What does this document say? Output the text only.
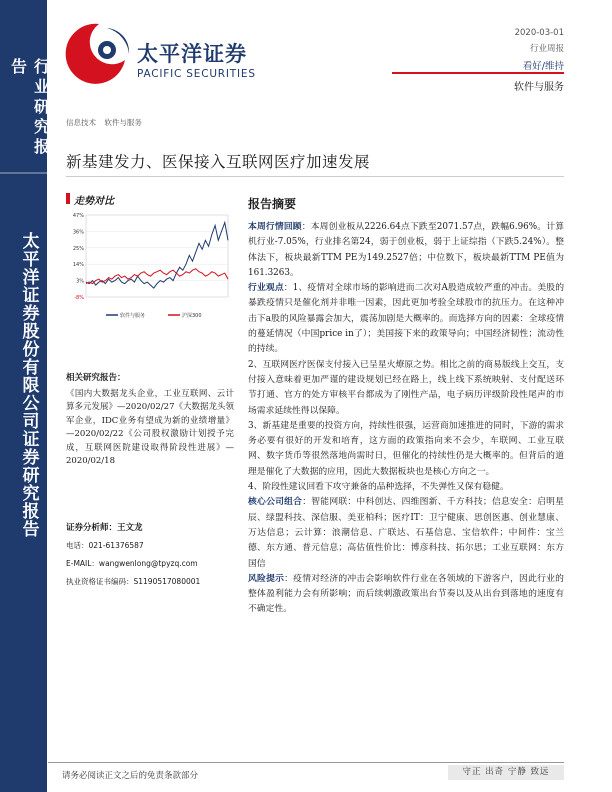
行业研究报告
太平洋证券股份有限公司证券研究报告
太平洋证券
PACIFIC SECURITIES
2020-03-01
行业周报
看好/维持
软件与服务
信息技术 软件与服务
新基建发力、医保接入互联网医疗加速发展
走势对比
47%
36%
25%
14%
3%
-8%
软件与服务	沪深300
相关研究报告：

《国内大数据龙头企业，工业互联网、云计算多元发展》—2020/02/27《大数据龙头领军企业，IDC业务有望成为新的业绩增量》—2020/02/22《公司股权激励计划授予完成，互联网医院建设取得阶段性进展》—2020/02/18

证券分析师：王文龙
电话：021-61376587
E-MAIL：wangwenlong@tpyzq.com
执业资格证书编码：S1190517080001
报告摘要

本周行情回顾：本周创业板从2226.64点下跌至2071.57点，跌幅6.96%。计算机行业-7.05%，行业排名第24，弱于创业板，弱于上证综指（下跌5.24%）。整体法下，板块最新TTM PE为149.2527倍；中位数下，板块最新TTM PE值为161.3263。

行业观点：1、疫情对全球市场的影响进而二次对A股造成较严重的冲击。美股的暴跌疫情只是催化剂并非唯一因素，因此更加考验全球股市的抗压力。在这种冲击下a股的风险暴露会加大，震荡加剧是大概率的。而选择方向的因素：全球疫情的蔓延情况（中国price in了）；美国接下来的政策导向；中国经济韧性；流动性的持续。

2、互联网医疗医保支付接入已呈星火燎原之势。相比之前的商易版线上交互，支付接入意味着更加严谨的建设规划已经在路上，线上线下系统映射、支付配送环节打通、官方的处方审核平台都成为了刚性产品，电子病历评级阶段性尾声的市场需求延续性得以保障。

3、新基建是重要的投资方向，持续性很强，运营商加速推进的同时，下游的需求务必要有很好的开发和培育，这方面的政策指向来不会少，车联网、工业互联网、数字货币等很然落地尚需时日，但催化的持续性仍是大概率的。但背后的道理是催化了大数据的应用，因此大数据板块也是核心方向之一。

4、阶段性建议回看下攻守兼备的品种选择，不失弹性又保有稳健。

核心公司组合：智能网联：中科创达、四维图新、千方科技；信息安全：启明星辰、绿盟科技、深信服、美亚柏科；医疗IT：卫宁健康、思创医惠、创业慧康、万达信息；云计算：浪潮信息、广联达、石基信息、宝信软件；中间件：宝兰德、东方通、普元信息；高估值性价比：博彦科技、拓尔思；工业互联网：东方国信

风险提示：疫情对经济的冲击会影响软件行业在各领域的下游客户，因此行业的整体盈利能力会有所影响；而后续刺激政策出台节奏以及从出台到落地的速度有不确定性。

请务必阅读正文之后的免责条款部分	守正 出奇 宁静 致远
